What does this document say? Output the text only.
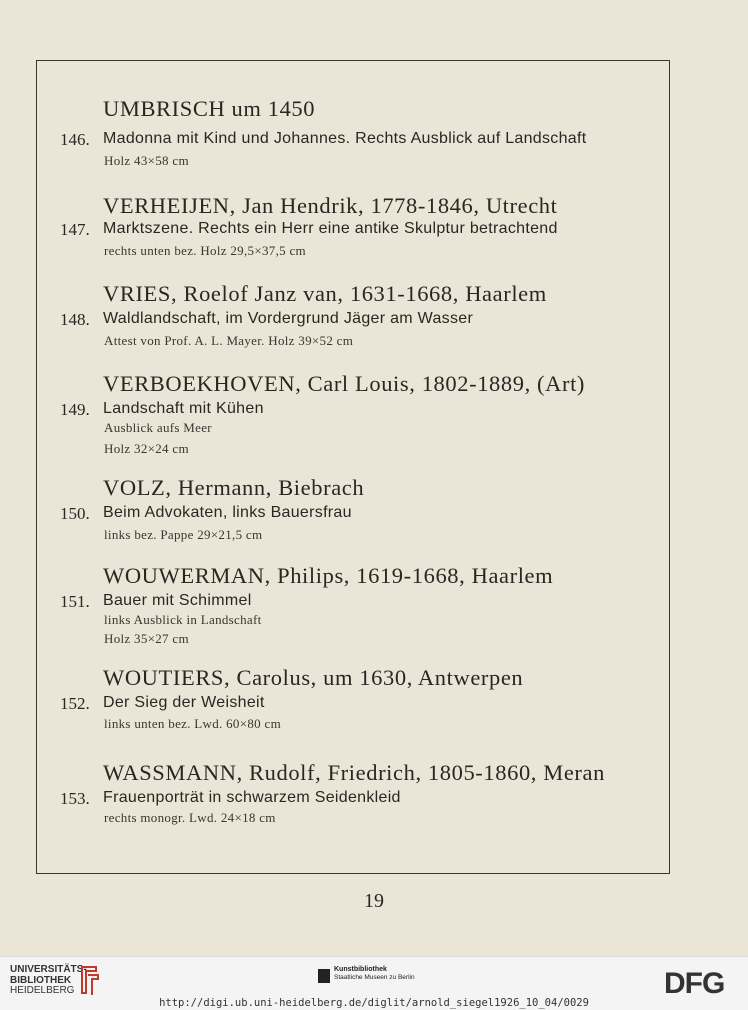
UMBRISCH um 1450
146. Madonna mit Kind und Johannes. Rechts Ausblick auf Landschaft
Holz 43×58 cm
VERHEIJEN, Jan Hendrik, 1778-1846, Utrecht
147. Marktszene. Rechts ein Herr eine antike Skulptur betrachtend
rechts unten bez. Holz 29,5×37,5 cm
VRIES, Roelof Janz van, 1631-1668, Haarlem
148. Waldlandschaft, im Vordergrund Jäger am Wasser
Attest von Prof. A. L. Mayer. Holz 39×52 cm
VERBOEKHOVEN, Carl Louis, 1802-1889, (Art)
149. Landschaft mit Kühen
Ausblick aufs Meer
Holz 32×24 cm
VOLZ, Hermann, Biebrach
150. Beim Advokaten, links Bauersfrau
links bez. Pappe 29×21,5 cm
WOUWERMAN, Philips, 1619-1668, Haarlem
151. Bauer mit Schimmel
links Ausblick in Landschaft
Holz 35×27 cm
WOUTIERS, Carolus, um 1630, Antwerpen
152. Der Sieg der Weisheit
links unten bez. Lwd. 60×80 cm
WASSMANN, Rudolf, Friedrich, 1805-1860, Meran
153. Frauenporträt in schwarzem Seidenkleid
rechts monogr. Lwd. 24×18 cm
19
UNIVERSITÄTS-
BIBLIOTHEK
HEIDELBERG
Kunstbibliothek
Staatliche Museen zu Berlin	DFG
http://digi.ub.uni-heidelberg.de/diglit/arnold_siegel1926_10_04/0029
